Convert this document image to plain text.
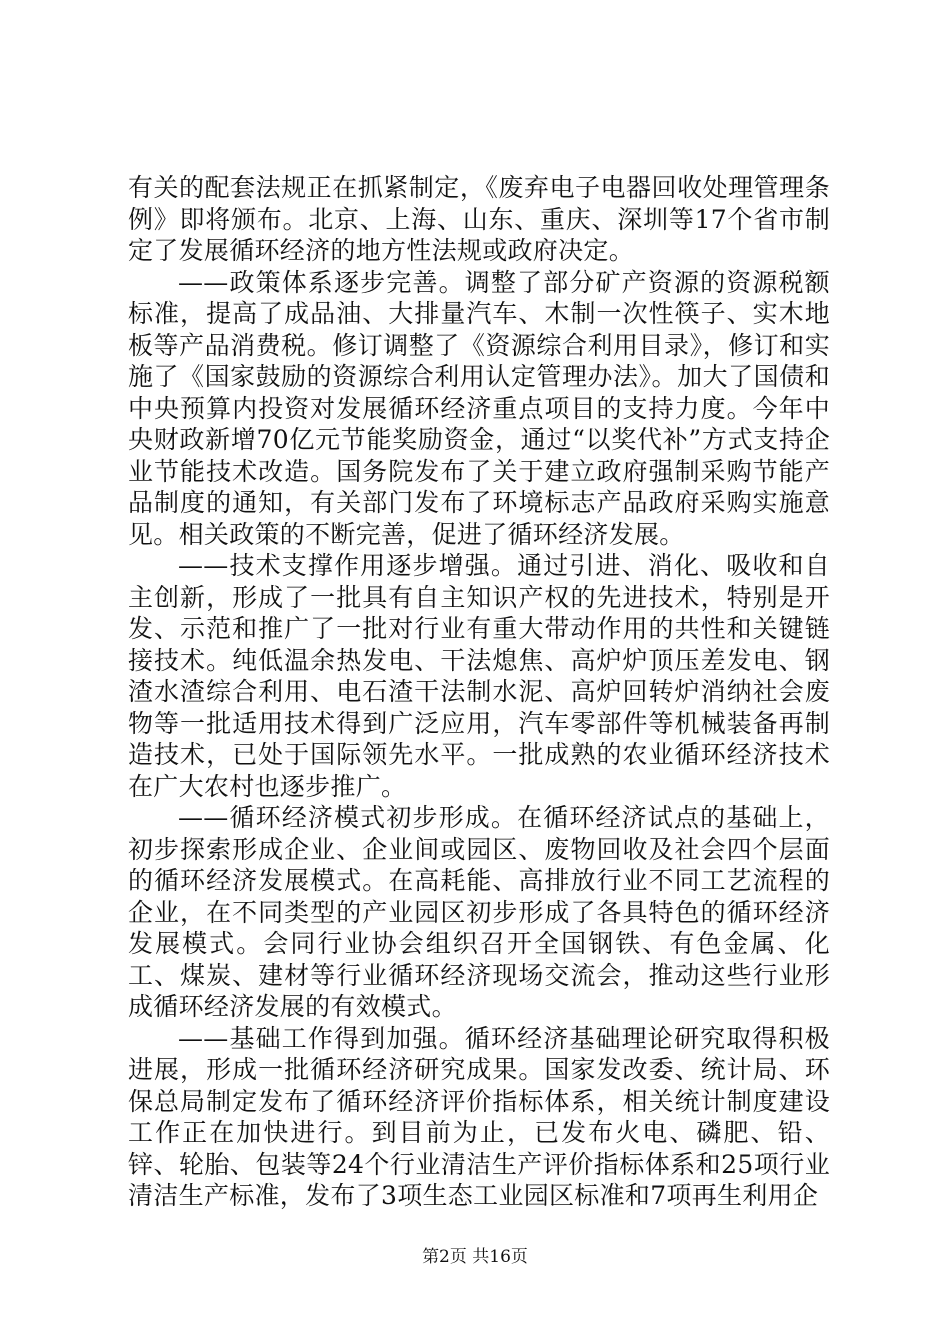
有关的配套法规正在抓紧制定，《废弃电子电器回收处理管理条例》即将颁布。北京、上海、山东、重庆、深圳等17个省市制定了发展循环经济的地方性法规或政府决定。

——政策体系逐步完善。调整了部分矿产资源的资源税额标准，提高了成品油、大排量汽车、木制一次性筷子、实木地板等产品消费税。修订调整了《资源综合利用目录》，修订和实施了《国家鼓励的资源综合利用认定管理办法》。加大了国债和中央预算内投资对发展循环经济重点项目的支持力度。今年中央财政新增70亿元节能奖励资金，通过“以奖代补”方式支持企业节能技术改造。国务院发布了关于建立政府强制采购节能产品制度的通知，有关部门发布了环境标志产品政府采购实施意见。相关政策的不断完善，促进了循环经济发展。

——技术支撑作用逐步增强。通过引进、消化、吸收和自主创新，形成了一批具有自主知识产权的先进技术，特别是开发、示范和推广了一批对行业有重大带动作用的共性和关键链接技术。纯低温余热发电、干法熄焦、高炉炉顶压差发电、钢渣水渣综合利用、电石渣干法制水泥、高炉回转炉消纳社会废物等一批适用技术得到广泛应用，汽车零部件等机械装备再制造技术，已处于国际领先水平。一批成熟的农业循环经济技术在广大农村也逐步推广。

——循环经济模式初步形成。在循环经济试点的基础上，初步探索形成企业、企业间或园区、废物回收及社会四个层面的循环经济发展模式。在高耗能、高排放行业不同工艺流程的企业，在不同类型的产业园区初步形成了各具特色的循环经济发展模式。会同行业协会组织召开全国钢铁、有色金属、化工、煤炭、建材等行业循环经济现场交流会，推动这些行业形成循环经济发展的有效模式。

——基础工作得到加强。循环经济基础理论研究取得积极进展，形成一批循环经济研究成果。国家发改委、统计局、环保总局制定发布了循环经济评价指标体系，相关统计制度建设工作正在加快进行。到目前为止，已发布火电、磷肥、铅、锌、轮胎、包装等24个行业清洁生产评价指标体系和25项行业清洁生产标准，发布了3项生态工业园区标准和7项再生利用企

第2页 共16页
